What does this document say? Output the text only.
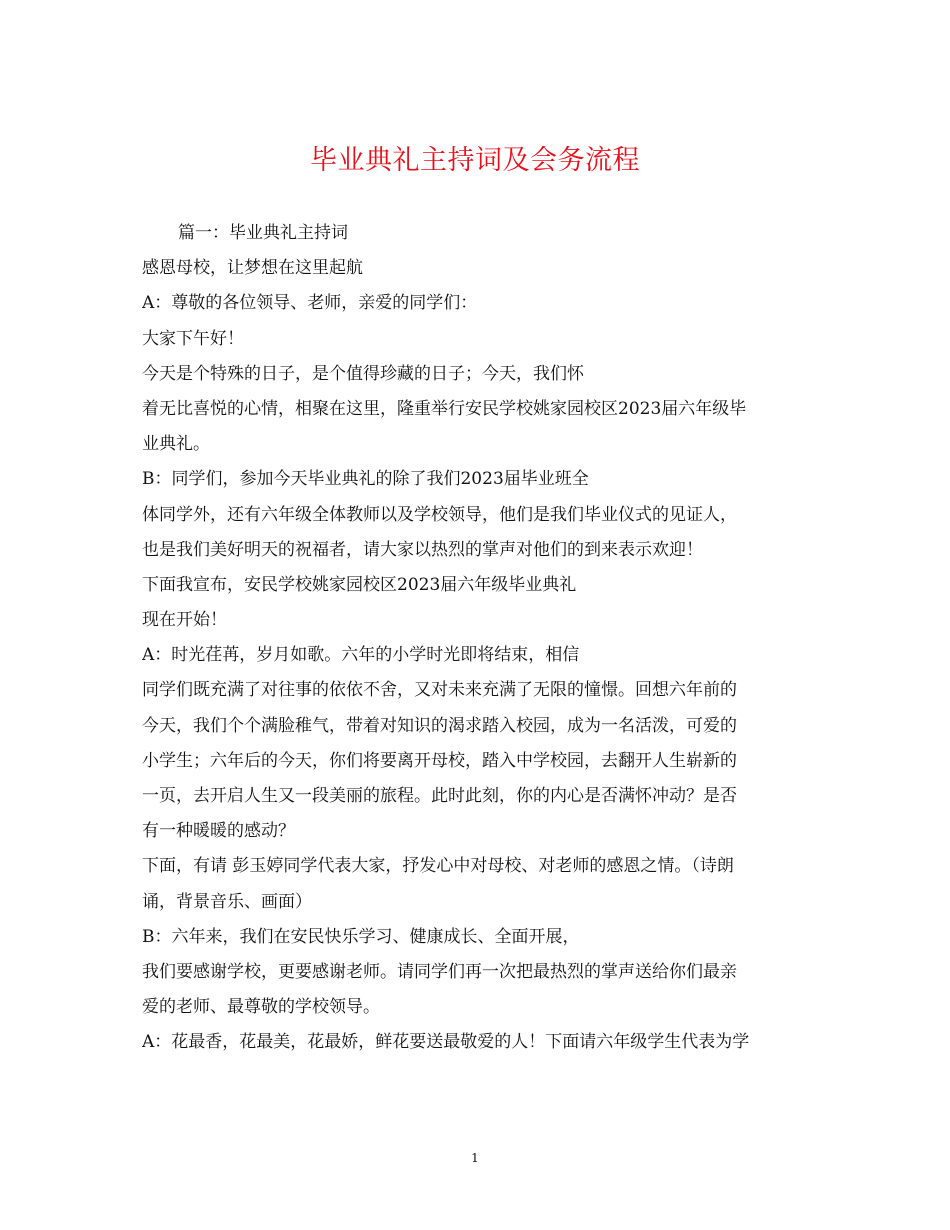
毕业典礼主持词及会务流程
篇一：毕业典礼主持词
感恩母校，让梦想在这里起航
A：尊敬的各位领导、老师，亲爱的同学们：
大家下午好！
今天是个特殊的日子，是个值得珍藏的日子；今天，我们怀
着无比喜悦的心情，相聚在这里，隆重举行安民学校姚家园校区2023届六年级毕
业典礼。
B：同学们，参加今天毕业典礼的除了我们2023届毕业班全
体同学外，还有六年级全体教师以及学校领导，他们是我们毕业仪式的见证人，
也是我们美好明天的祝福者，请大家以热烈的掌声对他们的到来表示欢迎！
下面我宣布，安民学校姚家园校区2023届六年级毕业典礼
现在开始！
A：时光荏苒，岁月如歌。六年的小学时光即将结束，相信
同学们既充满了对往事的依依不舍，又对未来充满了无限的憧憬。回想六年前的
今天，我们个个满脸稚气，带着对知识的渴求踏入校园，成为一名活泼，可爱的
小学生；六年后的今天，你们将要离开母校，踏入中学校园，去翻开人生崭新的
一页，去开启人生又一段美丽的旅程。此时此刻，你的内心是否满怀冲动？是否
有一种暖暖的感动？
下面，有请 彭玉婷同学代表大家，抒发心中对母校、对老师的感恩之情。（诗朗
诵，背景音乐、画面）
B：六年来，我们在安民快乐学习、健康成长、全面开展，
我们要感谢学校，更要感谢老师。请同学们再一次把最热烈的掌声送给你们最亲
爱的老师、最尊敬的学校领导。
A：花最香，花最美，花最娇，鲜花要送最敬爱的人！下面请六年级学生代表为学
1
